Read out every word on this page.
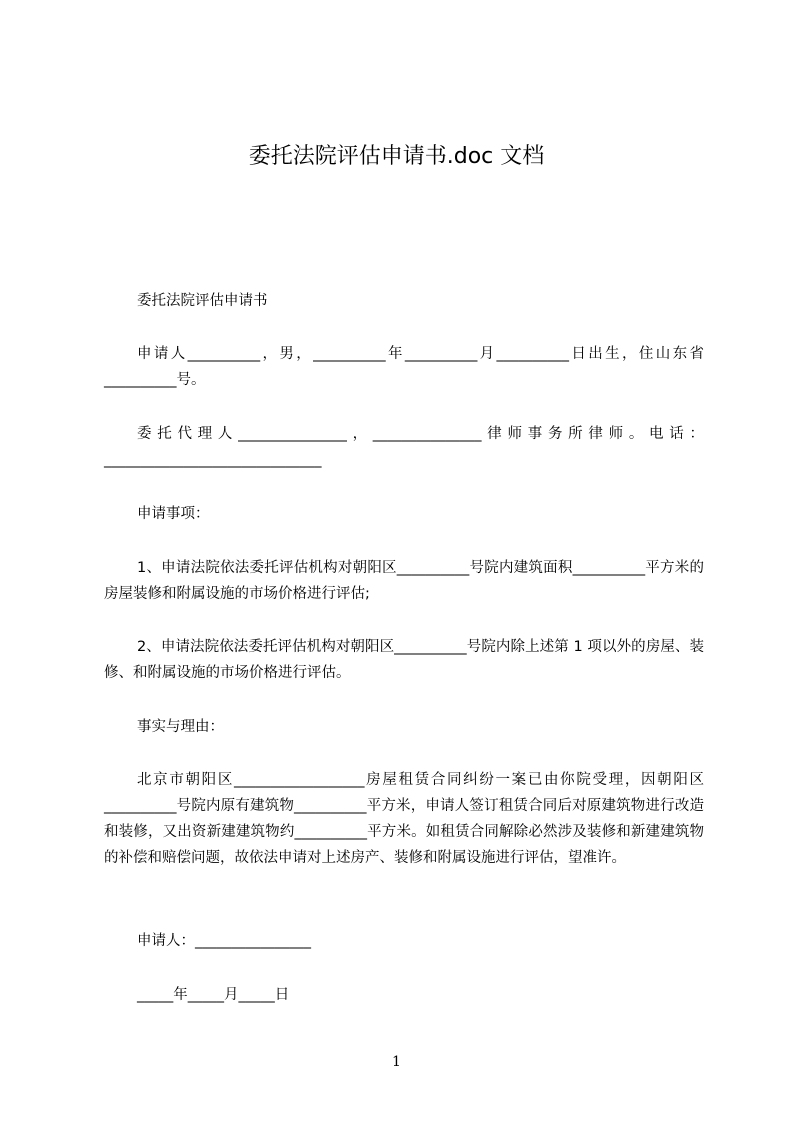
委托法院评估申请书.doc 文档
委托法院评估申请书

申请人__________，男，__________年__________月__________日出生，住山东省__________号。

委托代理人_______________，_______________律师事务所律师。电话：______________________________

申请事项：

1、申请法院依法委托评估机构对朝阳区__________号院内建筑面积__________平方米的房屋装修和附属设施的市场价格进行评估;

2、申请法院依法委托评估机构对朝阳区__________号院内除上述第 1 项以外的房屋、装修、和附属设施的市场价格进行评估。

事实与理由：

北京市朝阳区__________________房屋租赁合同纠纷一案已由你院受理，因朝阳区__________号院内原有建筑物__________平方米，申请人签订租赁合同后对原建筑物进行改造和装修，又出资新建建筑物约__________平方米。如租赁合同解除必然涉及装修和新建建筑物的补偿和赔偿问题，故依法申请对上述房产、装修和附属设施进行评估，望准许。

申请人：________________
_____年_____月_____日
1
